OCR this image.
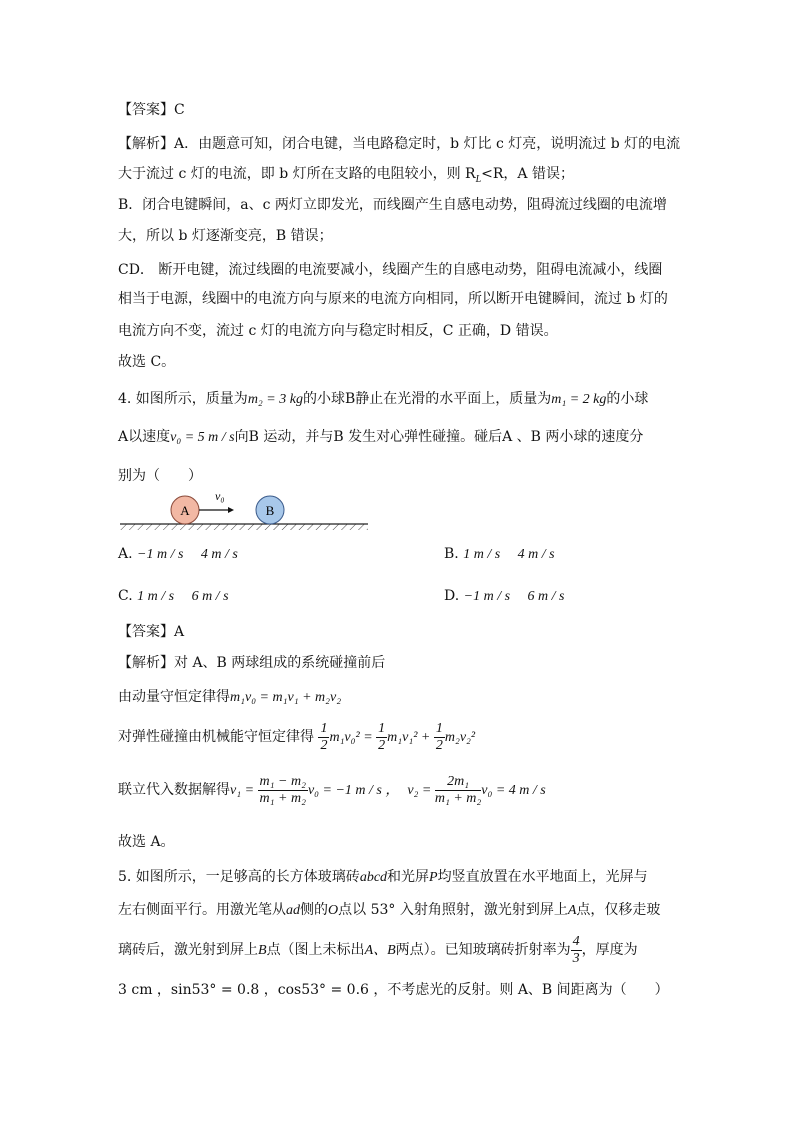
【答案】C
【解析】A．由题意可知，闭合电键，当电路稳定时，b 灯比 c 灯亮，说明流过 b 灯的电流
大于流过 c 灯的电流，即 b 灯所在支路的电阻较小，则 $R_L<R$，A 错误；
B．闭合电键瞬间，a、c 两灯立即发光，而线圈产生自感电动势，阻碍流过线圈的电流增
大，所以 b 灯逐渐变亮，B 错误；
CD． 断开电键，流过线圈的电流要减小，线圈产生的自感电动势，阻碍电流减小，线圈
相当于电源，线圈中的电流方向与原来的电流方向相同，所以断开电键瞬间，流过 b 灯的
电流方向不变，流过 c 灯的电流方向与稳定时相反，C 正确，D 错误。
故选 C。
4. 如图所示，质量为m₂ = 3 kg的小球B静止在光滑的水平面上，质量为m₁ = 2 kg的小球
A以速度v₀ = 5 m / s向B 运动，并与B 发生对心弹性碰撞。碰后A 、B 两小球的速度分
别为（　　）
A
v₀
B
A. −1 m / s　 4 m / s	B. 1 m / s　 4 m / s
C. 1 m / s　 6 m / s	D. −1 m / s　 6 m / s
【答案】A
【解析】对 A、B 两球组成的系统碰撞前后
由动量守恒定律得m₁v₀ = m₁v₁ + m₂v₂
对弹性碰撞由机械能守恒定律得 $\frac{1}{2} m_1v_0^2 = \frac{1}{2} m_1v_1^2 + \frac{1}{2} m_2v_2^2$
联立代入数据解得$v_1 = \frac{\text{m₁ − m₂}}{\text{m₁ + m₂}} v_0 = -1$ m / s ，  $v_2 = \frac{\text{2m₁}}{\text{m₁ + m₂}} v_0 = 4$ m / s
故选 A。
5. 如图所示，一足够高的长方体玻璃砖abcd和光屏P均竖直放置在水平地面上，光屏与
左右侧面平行。用激光笔从ad侧的O点以 53° 入射角照射，激光射到屏上A点，仅移走玻
璃砖后，激光射到屏上B点（图上未标出A、B两点）。已知玻璃砖折射率为 $\frac{4}{3}$ ，厚度为
3 cm ，sin53° = 0.8 ，cos53° = 0.6 ，不考虑光的反射。则 A、B 间距离为（　　）
